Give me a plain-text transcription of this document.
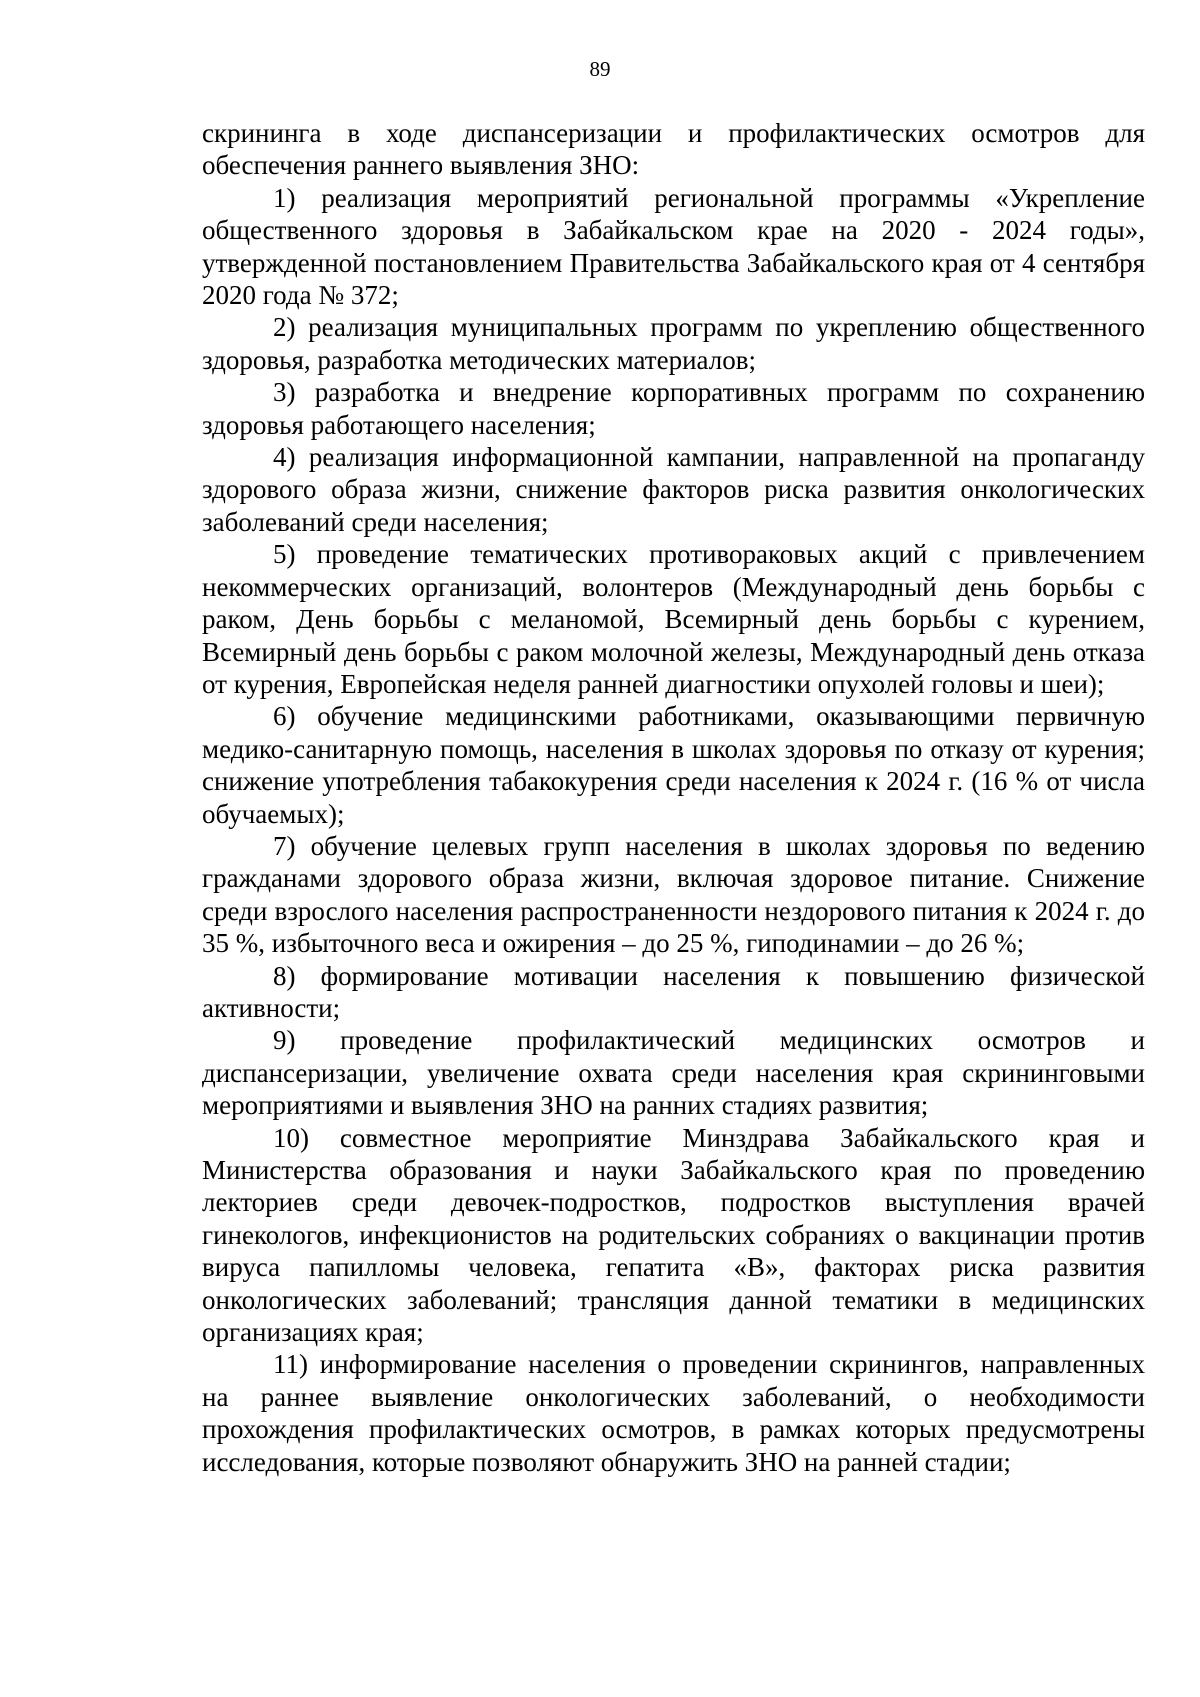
89

скрининга в ходе диспансеризации и профилактических осмотров для обеспечения раннего выявления ЗНО:

1) реализация мероприятий региональной программы «Укрепление общественного здоровья в Забайкальском крае на 2020 - 2024 годы», утвержденной постановлением Правительства Забайкальского края от 4 сентября 2020 года № 372;

2) реализация муниципальных программ по укреплению общественного здоровья, разработка методических материалов;

3) разработка и внедрение корпоративных программ по сохранению здоровья работающего населения;

4) реализация информационной кампании, направленной на пропаганду здорового образа жизни, снижение факторов риска развития онкологических заболеваний среди населения;

5) проведение тематических противораковых акций с привлечением некоммерческих организаций, волонтеров (Международный день борьбы с раком, День борьбы с меланомой, Всемирный день борьбы с курением, Всемирный день борьбы с раком молочной железы, Международный день отказа от курения, Европейская неделя ранней диагностики опухолей головы и шеи);

6) обучение медицинскими работниками, оказывающими первичную медико-санитарную помощь, населения в школах здоровья по отказу от курения; снижение употребления табакокурения среди населения к 2024 г. (16 % от числа обучаемых);

7) обучение целевых групп населения в школах здоровья по ведению гражданами здорового образа жизни, включая здоровое питание. Снижение среди взрослого населения распространенности нездорового питания к 2024 г. до 35 %, избыточного веса и ожирения – до 25 %, гиподинамии – до 26 %;

8) формирование мотивации населения к повышению физической активности;

9) проведение профилактический медицинских осмотров и диспансеризации, увеличение охвата среди населения края скрининговыми мероприятиями и выявления ЗНО на ранних стадиях развития;

10) совместное мероприятие Минздрава Забайкальского края и Министерства образования и науки Забайкальского края по проведению лекториев среди девочек-подростков, подростков выступления врачей гинекологов, инфекционистов на родительских собраниях о вакцинации против вируса папилломы человека, гепатита «В», факторах риска развития онкологических заболеваний; трансляция данной тематики в медицинских организациях края;

11) информирование населения о проведении скринингов, направленных на раннее выявление онкологических заболеваний, о необходимости прохождения профилактических осмотров, в рамках которых предусмотрены исследования, которые позволяют обнаружить ЗНО на ранней стадии;
